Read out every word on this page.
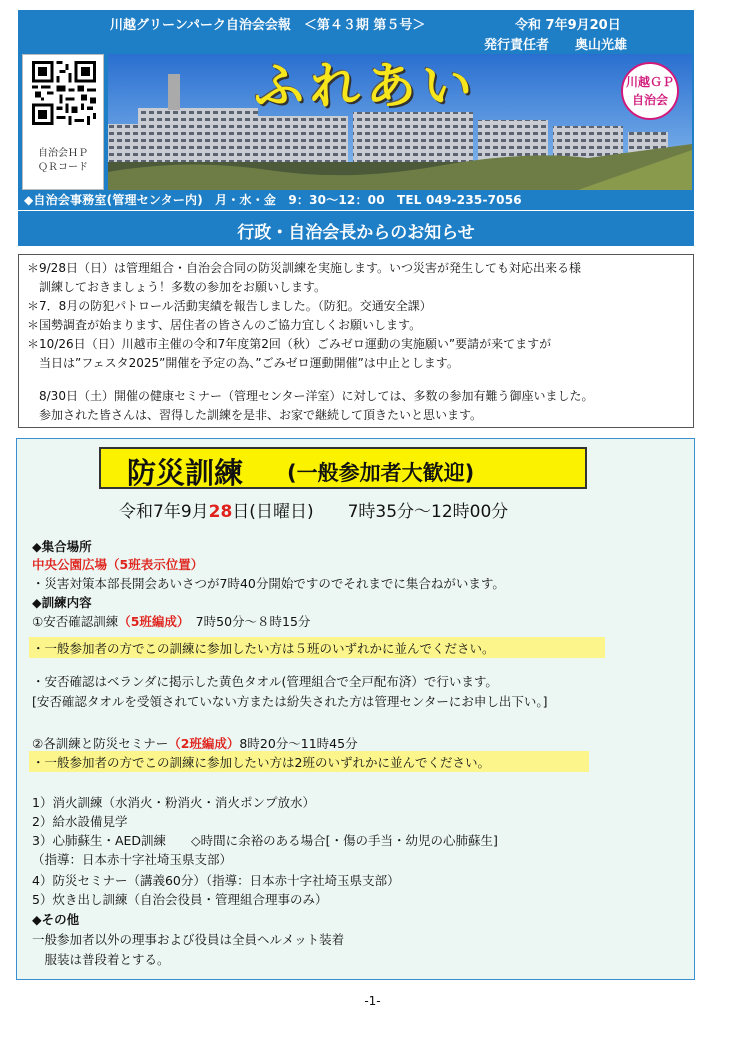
川越グリーンパーク自治会会報　＜第４３期 第５号＞	令和 7年9月20日
発行責任者　　奥山光雄
自治会ＨＰ
ＱＲコード
ふれあい	川越ＧＰ
自治会
◆自治会事務室(管理センター内)　月・水・金　9：30～12：00　TEL 049-235-7056
行政・自治会長からのお知らせ
＊9/28日（日）は管理組合・自治会合同の防災訓練を実施します。いつ災害が発生しても対応出来る様
　訓練しておきましょう！多数の参加をお願いします。
＊7．8月の防犯パトロール活動実績を報告しました。（防犯。交通安全課）
＊国勢調査が始まります、居住者の皆さんのご協力宜しくお願いします。
＊10/26日（日）川越市主催の令和7年度第2回（秋）ごみゼロ運動の実施願い”要請が来てますが
　当日は”フェスタ2025”開催を予定の為、”ごみゼロ運動開催”は中止とします。
　8/30日（土）開催の健康セミナー（管理センター洋室）に対しては、多数の参加有難う御座いました。
　参加された皆さんは、習得した訓練を是非、お家で継続して頂きたいと思います。
防災訓練 (一般参加者大歓迎)
令和7年9月28日(日曜日)　　7時35分～12時00分
◆集合場所
中央公園広場（5班表示位置）
・災害対策本部長開会あいさつが7時40分開始ですのでそれまでに集合ねがいます。
◆訓練内容
①安否確認訓練（5班編成）　7時50分～８時15分
・一般参加者の方でこの訓練に参加したい方は５班のいずれかに並んでください。
・安否確認はベランダに掲示した黄色タオル(管理組合で全戸配布済）で行います。
[安否確認タオルを受領されていない方または紛失された方は管理センターにお申し出下い。]
②各訓練と防災セミナー（2班編成）8時20分～11時45分
・一般参加者の方でこの訓練に参加したい方は2班のいずれかに並んでください。
1）消火訓練（水消火・粉消火・消火ポンプ放水）
2）給水設備見学
3）心肺蘇生・AED訓練　　◇時間に余裕のある場合[・傷の手当・幼児の心肺蘇生]
（指導：日本赤十字社埼玉県支部）
4）防災セミナー（講義60分）（指導：日本赤十字社埼玉県支部）
5）炊き出し訓練（自治会役員・管理組合理事のみ）
◆その他
一般参加者以外の理事および役員は全員ヘルメット装着
　服装は普段着とする。
-1-
